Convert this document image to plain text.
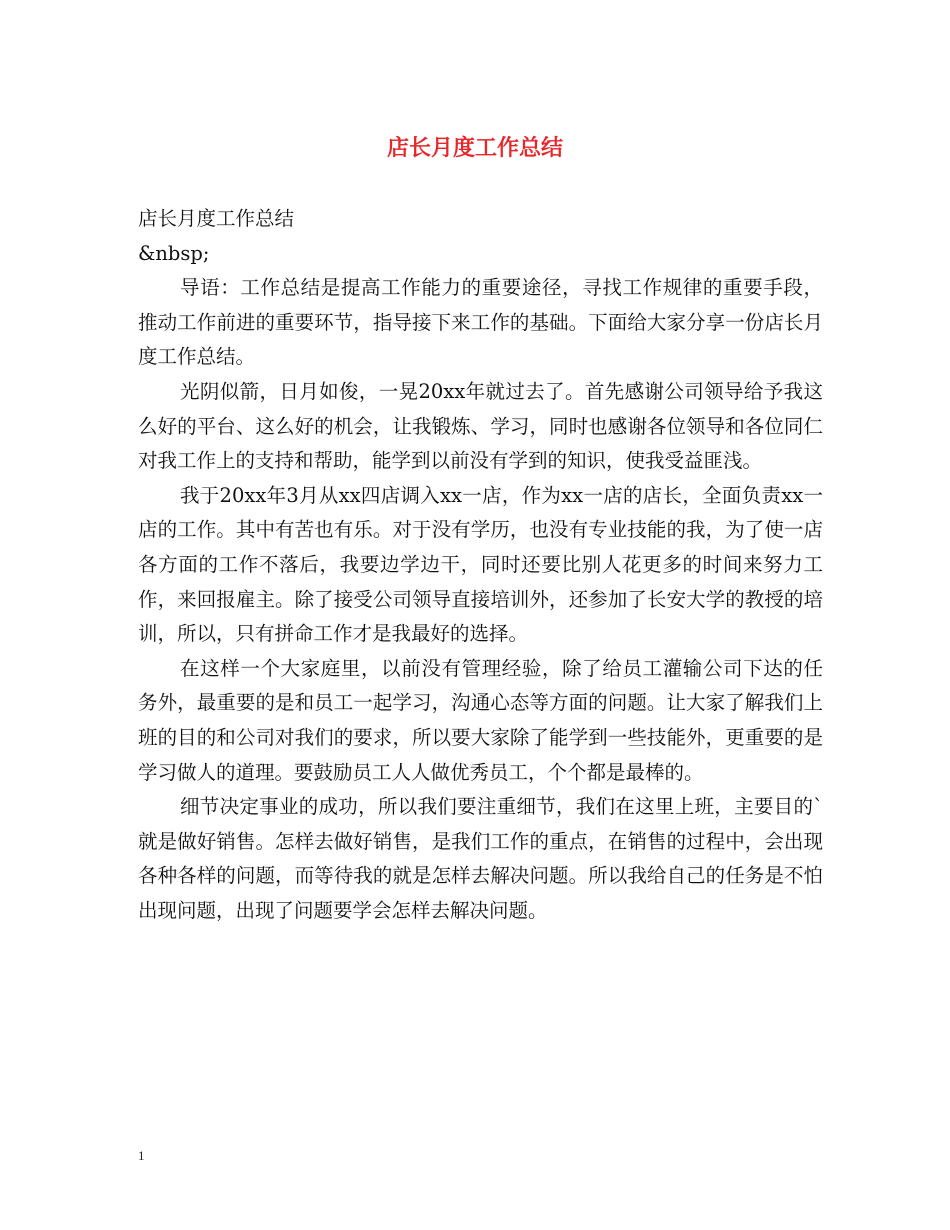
店长月度工作总结

店长月度工作总结

&nbsp;

导语：工作总结是提高工作能力的重要途径，寻找工作规律的重要手段，推动工作前进的重要环节，指导接下来工作的基础。下面给大家分享一份店长月度工作总结。

光阴似箭，日月如俊，一晃20xx年就过去了。首先感谢公司领导给予我这么好的平台、这么好的机会，让我锻炼、学习，同时也感谢各位领导和各位同仁对我工作上的支持和帮助，能学到以前没有学到的知识，使我受益匪浅。

我于20xx年3月从xx四店调入xx一店，作为xx一店的店长，全面负责xx一店的工作。其中有苦也有乐。对于没有学历，也没有专业技能的我，为了使一店各方面的工作不落后，我要边学边干，同时还要比别人花更多的时间来努力工作，来回报雇主。除了接受公司领导直接培训外，还参加了长安大学的教授的培训，所以，只有拼命工作才是我最好的选择。

在这样一个大家庭里，以前没有管理经验，除了给员工灌输公司下达的任务外，最重要的是和员工一起学习，沟通心态等方面的问题。让大家了解我们上班的目的和公司对我们的要求，所以要大家除了能学到一些技能外，更重要的是学习做人的道理。要鼓励员工人人做优秀员工，个个都是最棒的。

细节决定事业的成功，所以我们要注重细节，我们在这里上班，主要目的`就是做好销售。怎样去做好销售，是我们工作的重点，在销售的过程中，会出现各种各样的问题，而等待我的就是怎样去解决问题。所以我给自己的任务是不怕出现问题，出现了问题要学会怎样去解决问题。

1
